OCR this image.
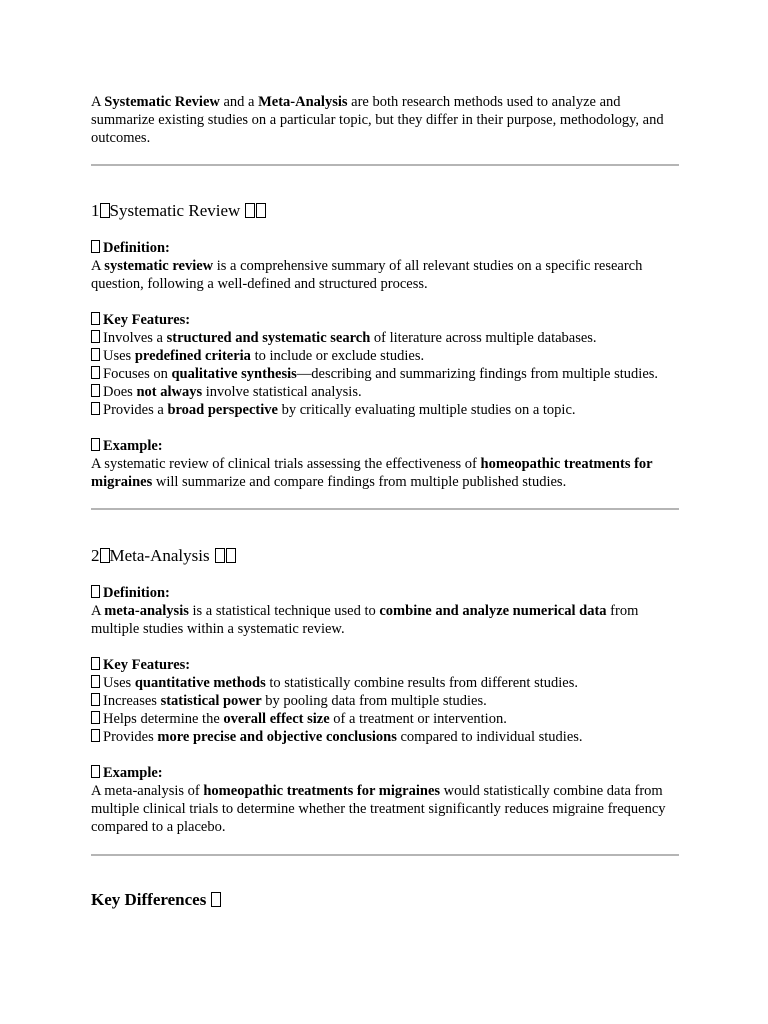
A Systematic Review and a Meta-Analysis are both research methods used to analyze and summarize existing studies on a particular topic, but they differ in their purpose, methodology, and outcomes.

1 Systematic Review

Definition:

A systematic review is a comprehensive summary of all relevant studies on a specific research question, following a well-defined and structured process.

Key Features:

Involves a structured and systematic search of literature across multiple databases.

Uses predefined criteria to include or exclude studies.

Focuses on qualitative synthesis—describing and summarizing findings from multiple studies.

Does not always involve statistical analysis.

Provides a broad perspective by critically evaluating multiple studies on a topic.

Example:

A systematic review of clinical trials assessing the effectiveness of homeopathic treatments for migraines will summarize and compare findings from multiple published studies.

2 Meta-Analysis

Definition:

A meta-analysis is a statistical technique used to combine and analyze numerical data from multiple studies within a systematic review.

Key Features:

Uses quantitative methods to statistically combine results from different studies.

Increases statistical power by pooling data from multiple studies.

Helps determine the overall effect size of a treatment or intervention.

Provides more precise and objective conclusions compared to individual studies.

Example:

A meta-analysis of homeopathic treatments for migraines would statistically combine data from multiple clinical trials to determine whether the treatment significantly reduces migraine frequency compared to a placebo.

Key Differences
